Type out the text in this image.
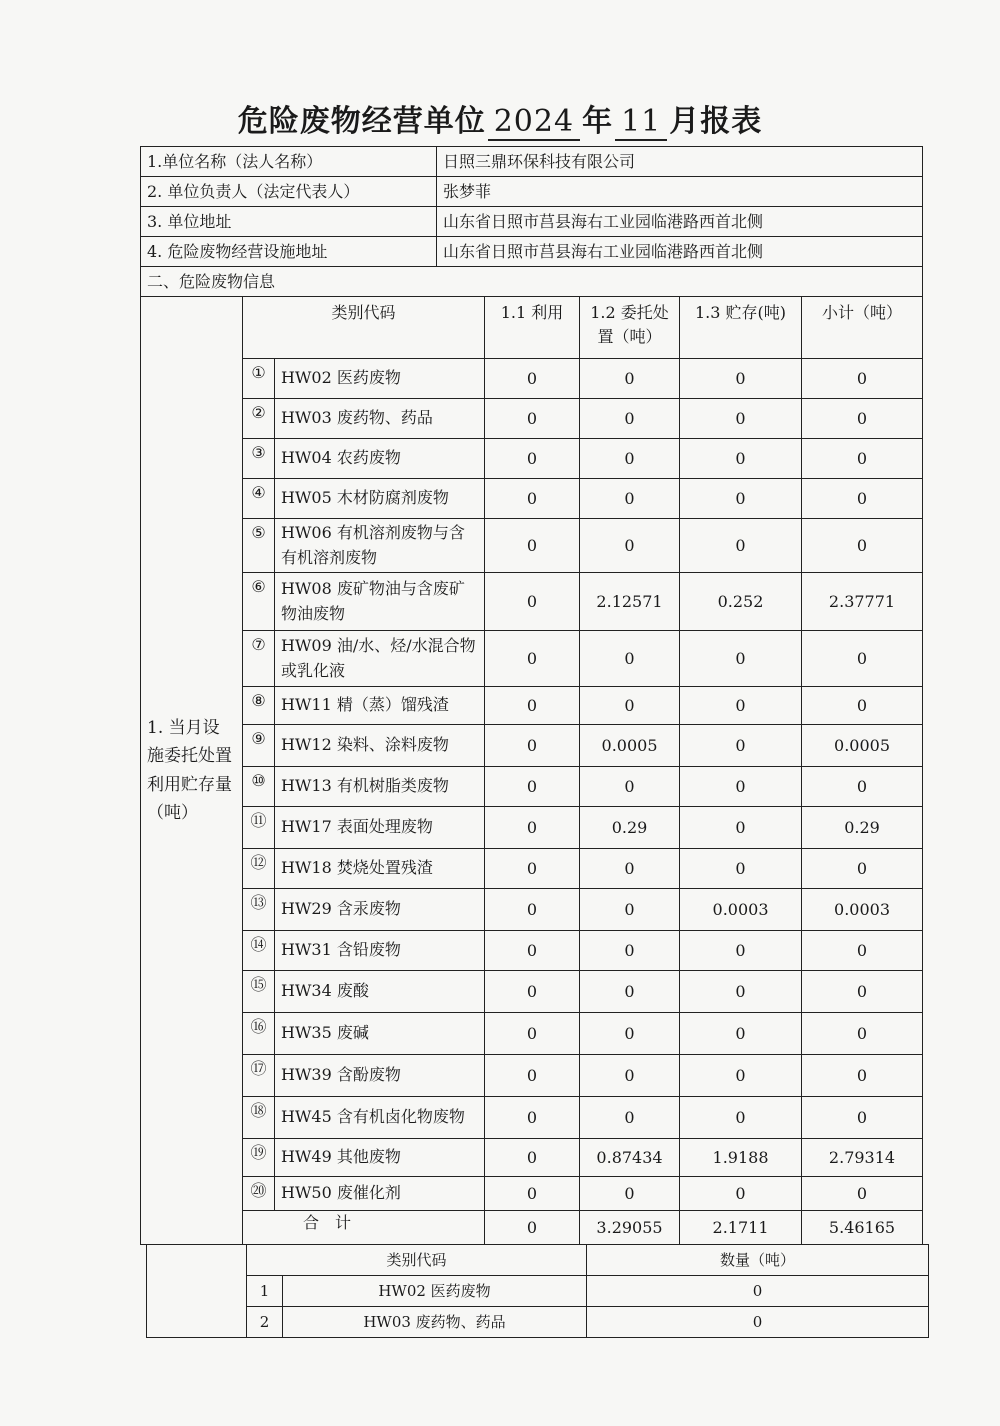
危险废物经营单位 2024 年 11 月报表
1.单位名称（法人名称）	日照三鼎环保科技有限公司
2. 单位负责人（法定代表人）	张梦菲
3. 单位地址	山东省日照市莒县海右工业园临港路西首北侧
4. 危险废物经营设施地址	山东省日照市莒县海右工业园临港路西首北侧
二、危险废物信息	
1. 当月设施委托处置利用贮存量（吨）	类别代码		1.1 利用	1.2 委托处置（吨）	1.3 贮存(吨)	小计（吨）
	①	HW02 医药废物	0	0	0	0
	②	HW03 废药物、药品	0	0	0	0
	③	HW04 农药废物	0	0	0	0
	④	HW05 木材防腐剂废物	0	0	0	0
	⑤	HW06 有机溶剂废物与含有机溶剂废物	0	0	0	0
	⑥	HW08 废矿物油与含废矿物油废物	0	2.12571	0.252	2.37771
	⑦	HW09 油/水、烃/水混合物或乳化液	0	0	0	0
	⑧	HW11 精（蒸）馏残渣	0	0	0	0
	⑨	HW12 染料、涂料废物	0	0.0005	0	0.0005
	⑩	HW13 有机树脂类废物	0	0	0	0
	⑪	HW17 表面处理废物	0	0.29	0	0.29
	⑫	HW18 焚烧处置残渣	0	0	0	0
	⑬	HW29 含汞废物	0	0	0.0003	0.0003
	⑭	HW31 含铅废物	0	0	0	0
	⑮	HW34 废酸	0	0	0	0
	⑯	HW35 废碱	0	0	0	0
	⑰	HW39 含酚废物	0	0	0	0
	⑱	HW45 含有机卤化物废物	0	0	0	0
	⑲	HW49 其他废物	0	0.87434	1.9188	2.79314
	⑳	HW50 废催化剂	0	0	0	0
	合　计		0	3.29055	2.1711	5.46165
	类别代码		数量（吨）
	1	HW02 医药废物	0
	2	HW03 废药物、药品	0
